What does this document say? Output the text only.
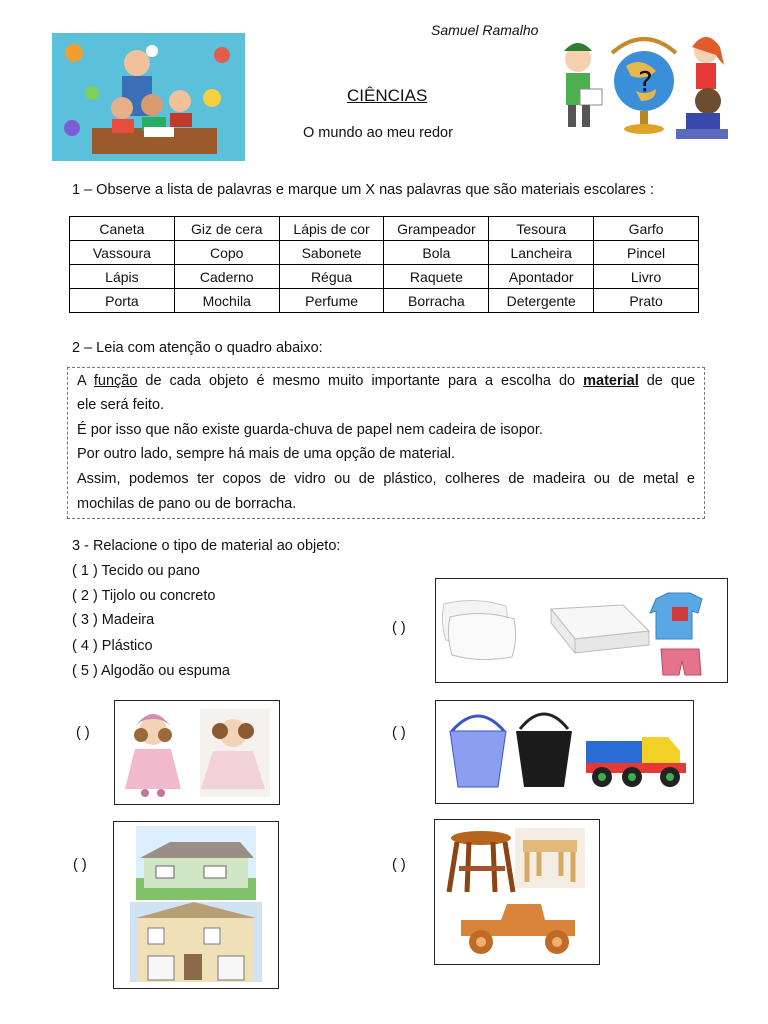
Samuel Ramalho
CIÊNCIAS
O mundo ao meu redor
?
1 – Observe a lista de palavras e marque um X nas palavras que são materiais escolares :
Caneta	Giz de cera	Lápis de cor	Grampeador	Tesoura	Garfo
Vassoura	Copo	Sabonete	Bola	Lancheira	Pincel
Lápis	Caderno	Régua	Raquete	Apontador	Livro
Porta	Mochila	Perfume	Borracha	Detergente	Prato
2 – Leia com atenção o quadro abaixo:

A função de cada objeto é mesmo muito importante para a escolha do material de que

ele será feito.

É por isso que não existe guarda-chuva de papel nem cadeira de isopor.

Por outro lado, sempre há mais de uma opção de material.

Assim, podemos ter copos de vidro ou de plástico, colheres de madeira ou de metal e

mochilas de pano ou de borracha.

3 - Relacione o tipo de material ao objeto:
( 1 ) Tecido ou pano
( 2 ) Tijolo ou concreto
( 3 ) Madeira
( 4 ) Plástico
( 5 ) Algodão ou espuma
( )
( )	( )
( )	( )
